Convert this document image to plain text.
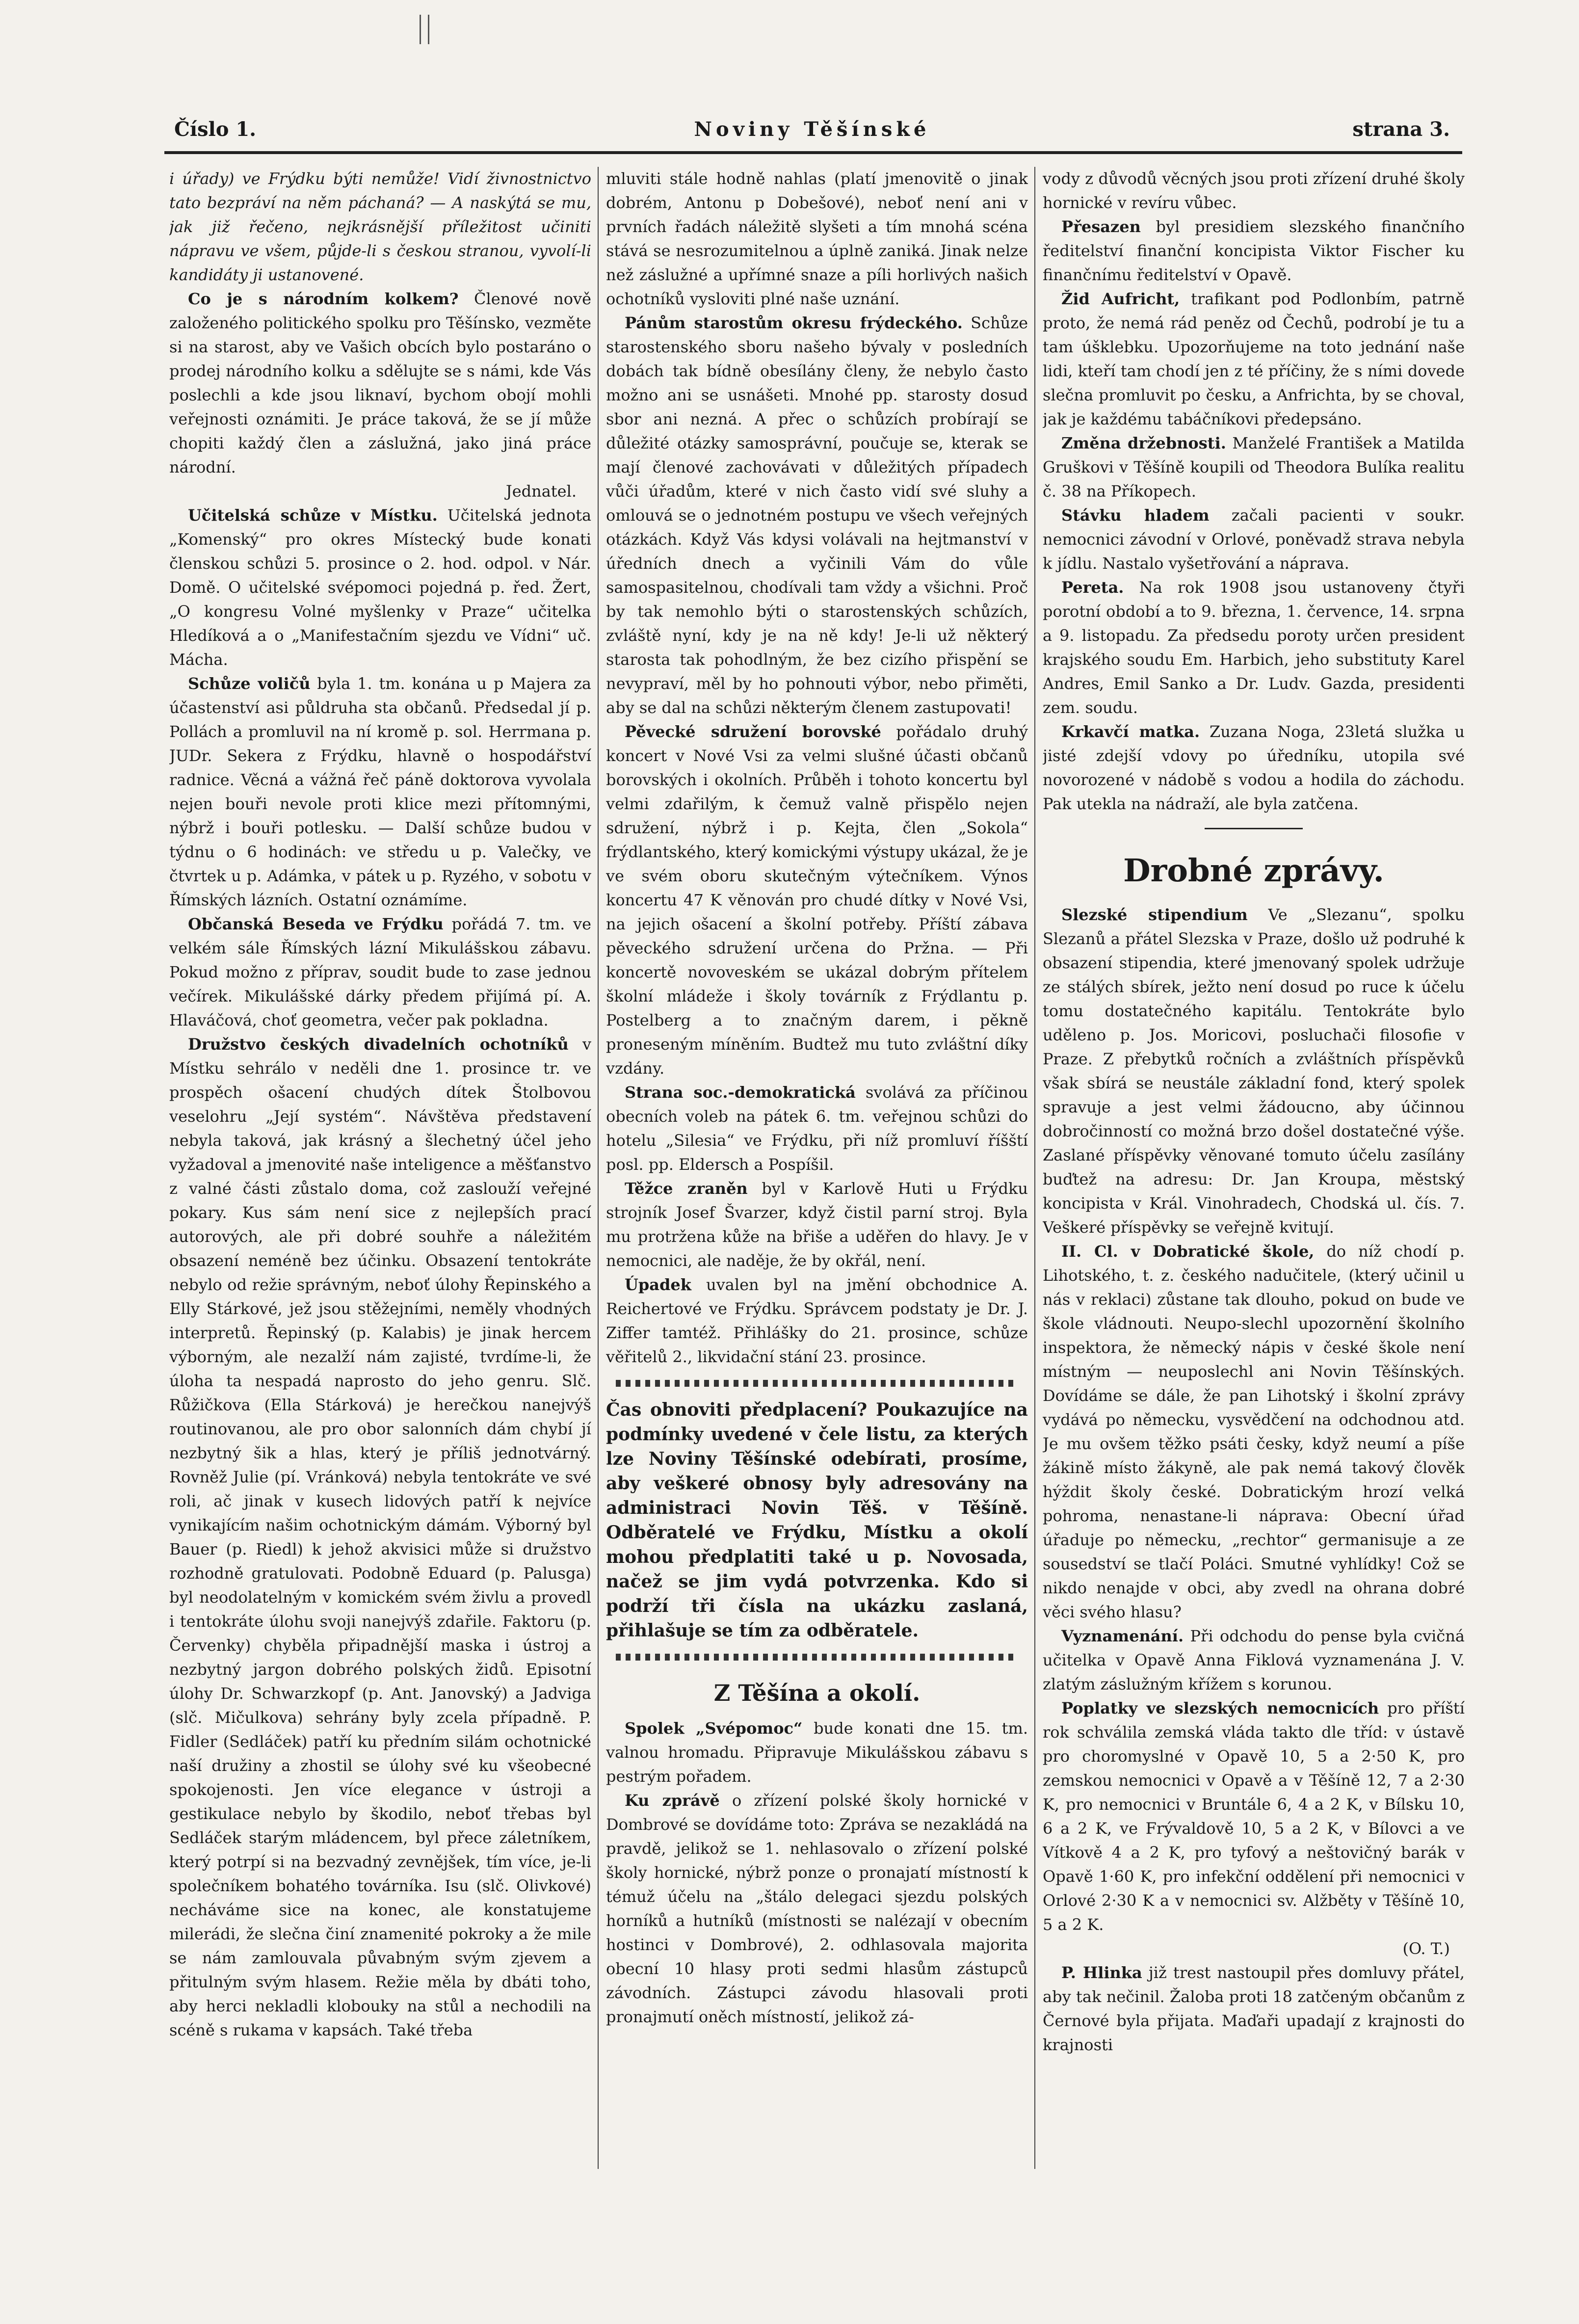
Číslo 1.	Noviny Těšínské	strana 3.

i úřady) ve Frýdku býti nemůže! Vidí živnostnictvo tato bezpráví na něm páchaná? — A naskýtá se mu, jak již řečeno, nejkrásnější příležitost učiniti nápravu ve všem, půjde-li s českou stranou, vyvolí-li kandidáty ji ustanovené.

Co je s národním kolkem? Členové nově založeného politického spolku pro Těšínsko, vezměte si na starost, aby ve Vašich obcích bylo postaráno o prodej národního kolku a sdělujte se s námi, kde Vás poslechli a kde jsou liknaví, bychom obojí mohli veřejnosti oznámiti. Je práce taková, že se jí může chopiti každý člen a záslužná, jako jiná práce národní.

Jednatel.

Učitelská schůze v Místku. Učitelská jednota „Komenský“ pro okres Místecký bude konati členskou schůzi 5. prosince o 2. hod. odpol. v Nár. Domě. O učitelské svépomoci pojedná p. řed. Žert, „O kongresu Volné myšlenky v Praze“ učitelka Hledíková a o „Manifestačním sjezdu ve Vídni“ uč. Mácha.

Schůze voličů byla 1. tm. konána u p Majera za účastenství asi půldruha sta občanů. Předsedal jí p. Pollách a promluvil na ní kromě p. sol. Herrmana p. JUDr. Sekera z Frýdku, hlavně o hospodářství radnice. Věcná a vážná řeč páně doktorova vyvolala nejen bouři nevole proti klice mezi přítomnými, nýbrž i bouři potlesku. — Další schůze budou v týdnu o 6 hodinách: ve středu u p. Valečky, ve čtvrtek u p. Adámka, v pátek u p. Ryzého, v sobotu v Římských lázních. Ostatní oznámíme.

Občanská Beseda ve Frýdku pořádá 7. tm. ve velkém sále Římských lázní Mikulášskou zábavu. Pokud možno z příprav, soudit bude to zase jednou večírek. Mikulášské dárky předem přijímá pí. A. Hlaváčová, choť geometra, večer pak pokladna.

Družstvo českých divadelních ochotníků v Místku sehrálo v neděli dne 1. prosince tr. ve prospěch ošacení chudých dítek Štolbovou veselohru „Její systém“. Návštěva představení nebyla taková, jak krásný a šlechetný účel jeho vyžadoval a jmenovité naše inteligence a měšťanstvo z valné části zůstalo doma, což zaslouží veřejné pokary. Kus sám není sice z nejlepších prací autorových, ale při dobré souhře a náležitém obsazení neméně bez účinku. Obsazení tentokráte nebylo od režie správným, neboť úlohy Řepinského a Elly Stárkové, jež jsou stěžejními, neměly vhodných interpretů. Řepinský (p. Kalabis) je jinak hercem výborným, ale nezalží nám zajisté, tvrdíme-li, že úloha ta nespadá naprosto do jeho genru. Slč. Růžičkova (Ella Stárková) je herečkou nanejvýš routinovanou, ale pro obor salonních dám chybí jí nezbytný šik a hlas, který je příliš jednotvárný. Rovněž Julie (pí. Vránková) nebyla tentokráte ve své roli, ač jinak v kusech lidových patří k nejvíce vynikajícím našim ochotnickým dámám. Výborný byl Bauer (p. Riedl) k jehož akvisici může si družstvo rozhodně gratulovati. Podobně Eduard (p. Palusga) byl neodolatelným v komickém svém živlu a provedl i tentokráte úlohu svoji nanejvýš zdařile. Faktoru (p. Červenky) chyběla připadnější maska i ústroj a nezbytný jargon dobrého polských židů. Episotní úlohy Dr. Schwarzkopf (p. Ant. Janovský) a Jadviga (slč. Mičulkova) sehrány byly zcela případně. P. Fidler (Sedláček) patří ku předním silám ochotnické naší družiny a zhostil se úlohy své ku všeobecné spokojenosti. Jen více elegance v ústroji a gestikulace nebylo by škodilo, neboť třebas byl Sedláček starým mládencem, byl přece záletníkem, který potrpí si na bezvadný zevnějšek, tím více, je-li společníkem bohatého továrníka. Isu (slč. Olivkové) necháváme sice na konec, ale konstatujeme milerádi, že slečna činí znamenité pokroky a že mile se nám zamlouvala půvabným svým zjevem a přitulným svým hlasem. Režie měla by dbáti toho, aby herci nekladli klobouky na stůl a nechodili na scéně s rukama v kapsách. Také třeba

mluviti stále hodně nahlas (platí jmenovitě o jinak dobrém, Antonu p Dobešové), neboť není ani v prvních řadách náležitě slyšeti a tím mnohá scéna stává se nesrozumitelnou a úplně zaniká. Jinak nelze než záslužné a upřímné snaze a píli horlivých našich ochotníků vysloviti plné naše uznání.

Pánům starostům okresu frýdeckého. Schůze starostenského sboru našeho bývaly v posledních dobách tak bídně obesílány členy, že nebylo často možno ani se usnášeti. Mnohé pp. starosty dosud sbor ani nezná. A přec o schůzích probírají se důležité otázky samosprávní, poučuje se, kterak se mají členové zachovávati v důležitých případech vůči úřadům, které v nich často vidí své sluhy a omlouvá se o jednotném postupu ve všech veřejných otázkách. Když Vás kdysi volávali na hejtmanství v úředních dnech a vyčinili Vám do vůle samospasitelnou, chodívali tam vždy a všichni. Proč by tak nemohlo býti o starostenských schůzích, zvláště nyní, kdy je na ně kdy! Je-li už některý starosta tak pohodlným, že bez cizího přispění se nevypraví, měl by ho pohnouti výbor, nebo přiměti, aby se dal na schůzi některým členem zastupovati!

Pěvecké sdružení borovské pořádalo druhý koncert v Nové Vsi za velmi slušné účasti občanů borovských i okolních. Průběh i tohoto koncertu byl velmi zdařilým, k čemuž valně přispělo nejen sdružení, nýbrž i p. Kejta, člen „Sokola“ frýdlantského, který komickými výstupy ukázal, že je ve svém oboru skutečným výtečníkem. Výnos koncertu 47 K věnován pro chudé dítky v Nové Vsi, na jejich ošacení a školní potřeby. Příští zábava pěveckého sdružení určena do Pržna. — Při koncertě novoveském se ukázal dobrým přítelem školní mládeže i školy továrník z Frýdlantu p. Postelberg a to značným darem, i pěkně proneseným míněním. Budtež mu tuto zvláštní díky vzdány.

Strana soc.-demokratická svolává za příčinou obecních voleb na pátek 6. tm. veřejnou schůzi do hotelu „Silesia“ ve Frýdku, při níž promluví říšští posl. pp. Eldersch a Pospíšil.

Těžce zraněn byl v Karlově Huti u Frýdku strojník Josef Švarzer, když čistil parní stroj. Byla mu protržena kůže na břiše a uděřen do hlavy. Je v nemocnici, ale naděje, že by okřál, není.

Úpadek uvalen byl na jmění obchodnice A. Reichertové ve Frýdku. Správcem podstaty je Dr. J. Ziffer tamtéž. Přihlášky do 21. prosince, schůze věřitelů 2., likvidační stání 23. prosince.

Čas obnoviti předplacení? Poukazujíce na podmínky uvedené v čele listu, za kterých lze Noviny Těšínské odebírati, prosíme, aby veškeré obnosy byly adresovány na administraci Novin Těš. v Těšíně. Odběratelé ve Frýdku, Místku a okolí mohou předplatiti také u p. Novosada, načež se jim vydá potvrzenka. Kdo si podrží tři čísla na ukázku zaslaná, přihlašuje se tím za odběratele.

Z Těšína a okolí.

Spolek „Svépomoc“ bude konati dne 15. tm. valnou hromadu. Připravuje Mikulášskou zábavu s pestrým pořadem.

Ku zprávě o zřízení polské školy hornické v Dombrové se dovídáme toto: Zpráva se nezakládá na pravdě, jelikož se 1. nehlasovalo o zřízení polské školy hornické, nýbrž ponze o pronajatí místností k témuž účelu na „štálo delegaci sjezdu polských horníků a hutníků (místnosti se nalézají v obecním hostinci v Dombrové), 2. odhlasovala majorita obecní 10 hlasy proti sedmi hlasům zástupců závodních. Zástupci závodu hlasovali proti pronajmutí oněch místností, jelikož zá-

vody z důvodů věcných jsou proti zřízení druhé školy hornické v revíru vůbec.

Přesazen byl presidiem slezského finančního ředitelství finanční koncipista Viktor Fischer ku finančnímu ředitelství v Opavě.

Žid Aufricht, trafikant pod Podlonbím, patrně proto, že nemá rád peněz od Čechů, podrobí je tu a tam úšklebku. Upozorňujeme na toto jednání naše lidi, kteří tam chodí jen z té příčiny, že s ními dovede slečna promluvit po česku, a Anfrichta, by se choval, jak je každému tabáčníkovi předepsáno.

Změna držebnosti. Manželé František a Matilda Gruškovi v Těšíně koupili od Theodora Bulíka realitu č. 38 na Příkopech.

Stávku hladem začali pacienti v soukr. nemocnici závodní v Orlové, poněvadž strava nebyla k jídlu. Nastalo vyšetřování a náprava.

Pereta. Na rok 1908 jsou ustanoveny čtyři porotní období a to 9. března, 1. července, 14. srpna a 9. listopadu. Za předsedu poroty určen president krajského soudu Em. Harbich, jeho substituty Karel Andres, Emil Sanko a Dr. Ludv. Gazda, presidenti zem. soudu.

Krkavčí matka. Zuzana Noga, 23letá služka u jisté zdejší vdovy po úředníku, utopila své novorozené v nádobě s vodou a hodila do záchodu. Pak utekla na nádraží, ale byla zatčena.

Drobné zprávy.

Slezské stipendium Ve „Slezanu“, spolku Slezanů a přátel Slezska v Praze, došlo už podruhé k obsazení stipendia, které jmenovaný spolek udržuje ze stálých sbírek, ježto není dosud po ruce k účelu tomu dostatečného kapitálu. Tentokráte bylo uděleno p. Jos. Moricovi, posluchači filosofie v Praze. Z přebytků ročních a zvláštních příspěvků však sbírá se neustále základní fond, který spolek spravuje a jest velmi žádoucno, aby účinnou dobročinností co možná brzo došel dostatečné výše. Zaslané příspěvky věnované tomuto účelu zasílány buďtež na adresu: Dr. Jan Kroupa, městský koncipista v Král. Vinohradech, Chodská ul. čís. 7. Veškeré příspěvky se veřejně kvitují.

II. Cl. v Dobratické škole, do níž chodí p. Lihotského, t. z. českého nadučitele, (který učinil u nás v reklaci) zůstane tak dlouho, pokud on bude ve škole vládnouti. Neupo-slechl upozornění školního inspektora, že německý nápis v české škole není místným — neuposlechl ani Novin Těšínských. Dovídáme se dále, že pan Lihotský i školní zprávy vydává po německu, vysvědčení na odchodnou atd. Je mu ovšem těžko psáti česky, když neumí a píše žákině místo žákyně, ale pak nemá takový člověk hýždit školy české. Dobratickým hrozí velká pohroma, nenastane-li náprava: Obecní úřad úřaduje po německu, „rechtor“ germanisuje a ze sousedství se tlačí Poláci. Smutné vyhlídky! Což se nikdo nenajde v obci, aby zvedl na ohrana dobré věci svého hlasu?

Vyznamenání. Při odchodu do pense byla cvičná učitelka v Opavě Anna Fiklová vyznamenána J. V. zlatým záslužným křížem s korunou.

Poplatky ve slezských nemocnicích pro příští rok schválila zemská vláda takto dle tříd: v ústavě pro choromyslné v Opavě 10, 5 a 2·50 K, pro zemskou nemocnici v Opavě a v Těšíně 12, 7 a 2·30 K, pro nemocnici v Bruntále 6, 4 a 2 K, v Bílsku 10, 6 a 2 K, ve Frývaldově 10, 5 a 2 K, v Bílovci a ve Vítkově 4 a 2 K, pro tyfový a neštovičný barák v Opavě 1·60 K, pro infekční oddělení při nemocnici v Orlové 2·30 K a v nemocnici sv. Alžběty v Těšíně 10, 5 a 2 K.

(O. T.)

P. Hlinka již trest nastoupil přes domluvy přátel, aby tak nečinil. Žaloba proti 18 zatčeným občanům z Černové byla přijata. Maďaři upadají z krajnosti do krajnosti
